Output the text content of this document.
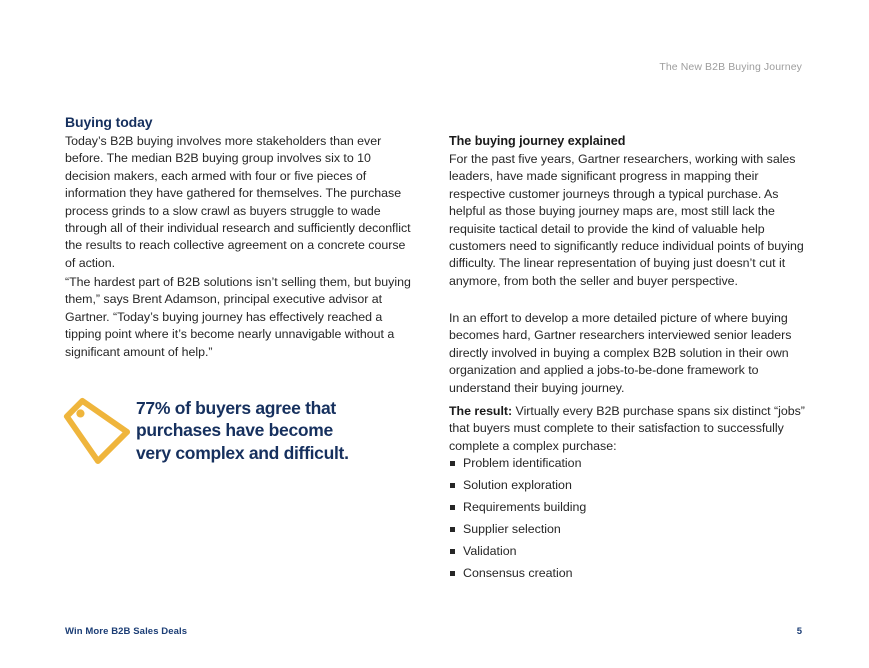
The New B2B Buying Journey
Buying today
Today’s B2B buying involves more stakeholders than ever before. The median B2B buying group involves six to 10 decision makers, each armed with four or five pieces of information they have gathered for themselves. The purchase process grinds to a slow crawl as buyers struggle to wade through all of their individual research and sufficiently deconflict the results to reach collective agreement on a concrete course of action.
“The hardest part of B2B solutions isn’t selling them, but buying them,” says Brent Adamson, principal executive advisor at Gartner. “Today’s buying journey has effectively reached a tipping point where it’s become nearly unnavigable without a significant amount of help.”
77% of buyers agree that
purchases have become
very complex and difficult.
The buying journey explained
For the past five years, Gartner researchers, working with sales leaders, have made significant progress in mapping their respective customer journeys through a typical purchase. As helpful as those buying journey maps are, most still lack the requisite tactical detail to provide the kind of valuable help customers need to significantly reduce individual points of buying difficulty. The linear representation of buying just doesn’t cut it anymore, from both the seller and buyer perspective.
In an effort to develop a more detailed picture of where buying becomes hard, Gartner researchers interviewed senior leaders directly involved in buying a complex B2B solution in their own organization and applied a jobs-to-be-done framework to understand their buying journey.
The result: Virtually every B2B purchase spans six distinct “jobs” that buyers must complete to their satisfaction to successfully complete a complex purchase:
Problem identification
Solution exploration
Requirements building
Supplier selection
Validation
Consensus creation
Win More B2B Sales Deals	5
